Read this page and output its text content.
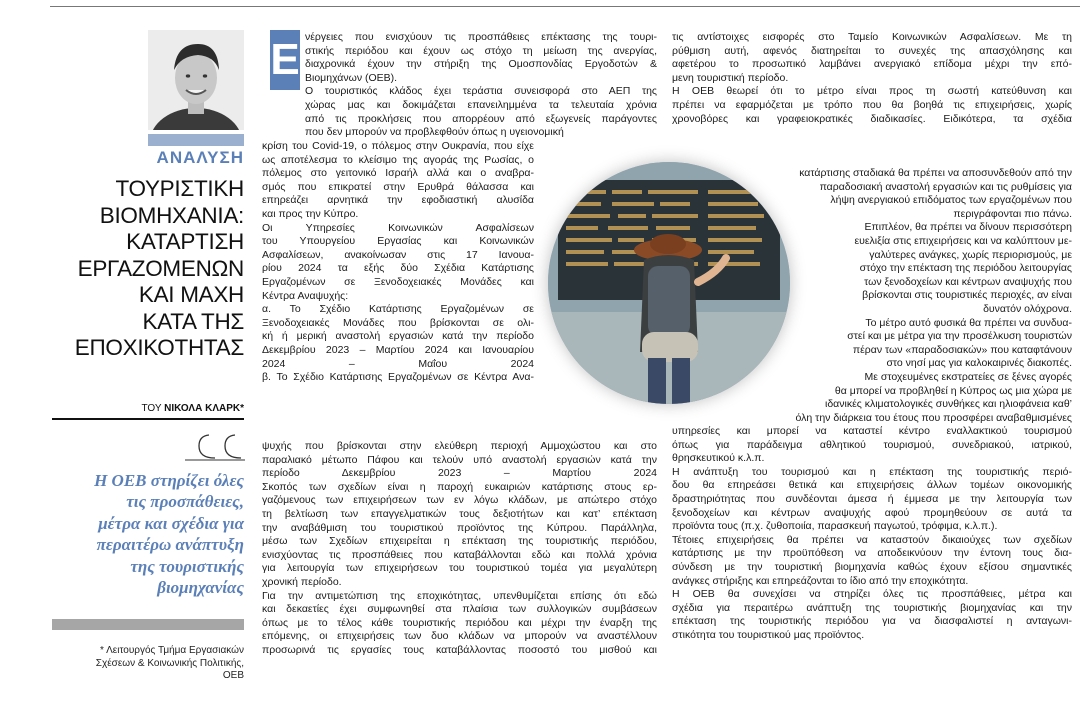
ΑΝΑΛΥΣΗ
ΤΟΥΡΙΣΤΙΚΗ
ΒΙΟΜΗΧΑΝΙΑ:
ΚΑΤΑΡΤΙΣΗ
ΕΡΓΑΖΟΜΕΝΩΝ
ΚΑΙ ΜΑΧΗ
ΚΑΤΑ ΤΗΣ
ΕΠΟΧΙΚΟΤΗΤΑΣ
ΤΟΥ ΝΙΚΟΛΑ ΚΛΑΡΚ*
Η ΟΕΒ στηρίζει όλες
τις προσπάθειες,
μέτρα και σχέδια για
περαιτέρω ανάπτυξη
της τουριστικής
βιομηχανίας
* Λειτουργός Τμήμα Εργασιακών
Σχέσεων & Κοινωνικής Πολιτικής,
ΟΕΒ
Ε νέργειες που ενισχύουν τις προσπάθειες επέκτασης της τουρι-
στικής περιόδου και έχουν ως στόχο τη μείωση της ανεργίας,
διαχρονικά έχουν την στήριξη της Ομοσπονδίας Εργοδοτών &
Βιομηχάνων (ΟΕΒ).
Ο τουριστικός κλάδος έχει τεράστια συνεισφορά στο ΑΕΠ της
χώρας μας και δοκιμάζεται επανειλημμένα τα τελευταία χρόνια
από τις προκλήσεις που απορρέουν από εξωγενείς παράγοντες
που δεν μπορούν να προβλεφθούν όπως η υγειονομική
κρίση του Covid-19, ο πόλεμος στην Ουκρανία, που είχε
ως αποτέλεσμα το κλείσιμο της αγοράς της Ρωσίας, ο
πόλεμος στο γειτονικό Ισραήλ αλλά και ο αναβρα-
σμός που επικρατεί στην Ερυθρά θάλασσα και
επηρεάζει αρνητικά την εφοδιαστική αλυσίδα
και προς την Κύπρο.
Οι Υπηρεσίες Κοινωνικών Ασφαλίσεων
του Υπουργείου Εργασίας και Κοινωνικών
Ασφαλίσεων, ανακοίνωσαν στις 17 Ιανουα-
ρίου 2024 τα εξής δύο Σχέδια Κατάρτισης
Εργαζομένων σε Ξενοδοχειακές Μονάδες και
Κέντρα Αναψυχής:
α. Το Σχέδιο Κατάρτισης Εργαζομένων σε
Ξενοδοχειακές Μονάδες που βρίσκονται σε ολι-
κή ή μερική αναστολή εργασιών κατά την περίοδο
Δεκεμβρίου 2023 – Μαρτίου 2024 και Ιανουαρίου
2024 – Μαΐου 2024
β. Το Σχέδιο Κατάρτισης Εργαζομένων σε Κέντρα Ανα-
ψυχής που βρίσκονται στην ελεύθερη περιοχή Αμμοχώστου και στο
παραλιακό μέτωπο Πάφου και τελούν υπό αναστολή εργασιών κατά την
περίοδο Δεκεμβρίου 2023 – Μαρτίου 2024
Σκοπός των σχεδίων είναι η παροχή ευκαιριών κατάρτισης στους ερ-
γαζόμενους των επιχειρήσεων των εν λόγω κλάδων, με απώτερο στόχο
τη βελτίωση των επαγγελματικών τους δεξιοτήτων και κατ’ επέκταση
την αναβάθμιση του τουριστικού προϊόντος της Κύπρου. Παράλληλα,
μέσω των Σχεδίων επιχειρείται η επέκταση της τουριστικής περιόδου,
ενισχύοντας τις προσπάθειες που καταβάλλονται εδώ και πολλά χρόνια
για λειτουργία των επιχειρήσεων του τουριστικού τομέα για μεγαλύτερη
χρονική περίοδο.
Για την αντιμετώπιση της εποχικότητας, υπενθυμίζεται επίσης ότι εδώ
και δεκαετίες έχει συμφωνηθεί στα πλαίσια των συλλογικών συμβάσεων
όπως με το τέλος κάθε τουριστικής περιόδου και μέχρι την έναρξη της
επόμενης, οι επιχειρήσεις των δυο κλάδων να μπορούν να αναστέλλουν
προσωρινά τις εργασίες τους καταβάλλοντας ποσοστό του μισθού και
τις αντίστοιχες εισφορές στο Ταμείο Κοινωνικών Ασφαλίσεων. Με τη
ρύθμιση αυτή, αφενός διατηρείται το συνεχές της απασχόλησης και
αφετέρου το προσωπικό λαμβάνει ανεργιακό επίδομα μέχρι την επό-
μενη τουριστική περίοδο.
Η ΟΕΒ θεωρεί ότι το μέτρο είναι προς τη σωστή κατεύθυνση και
πρέπει να εφαρμόζεται με τρόπο που θα βοηθά τις επιχειρήσεις, χωρίς
χρονοβόρες και γραφειοκρατικές διαδικασίες. Ειδικότερα, τα σχέδια
κατάρτισης σταδιακά θα πρέπει να αποσυνδεθούν από την
παραδοσιακή αναστολή εργασιών και τις ρυθμίσεις για
λήψη ανεργιακού επιδόματος των εργαζομένων που
περιγράφονται πιο πάνω.
Επιπλέον, θα πρέπει να δίνουν περισσότερη
ευελιξία στις επιχειρήσεις και να καλύπτουν με-
γαλύτερες ανάγκες, χωρίς περιορισμούς, με
στόχο την επέκταση της περιόδου λειτουργίας
των ξενοδοχείων και κέντρων αναψυχής που
βρίσκονται στις τουριστικές περιοχές, αν είναι
δυνατόν ολόχρονα.
Το μέτρο αυτό φυσικά θα πρέπει να συνδυα-
στεί και με μέτρα για την προσέλκυση τουριστών
πέραν των «παραδοσιακών» που καταφτάνουν
στο νησί μας για καλοκαιρινές διακοπές.
Με στοχευμένες εκστρατείες σε ξένες αγορές
θα μπορεί να προβληθεί η Κύπρος ως μια χώρα με
ιδανικές κλιματολογικές συνθήκες και ηλιοφάνεια καθ’
όλη την διάρκεια του έτους που προσφέρει αναβαθμισμένες
υπηρεσίες και μπορεί να καταστεί κέντρο εναλλακτικού τουρισμού
όπως για παράδειγμα αθλητικού τουρισμού, συνεδριακού, ιατρικού,
θρησκευτικού κ.λ.π.
Η ανάπτυξη του τουρισμού και η επέκταση της τουριστικής περιό-
δου θα επηρεάσει θετικά και επιχειρήσεις άλλων τομέων οικονομικής
δραστηριότητας που συνδέονται άμεσα ή έμμεσα με την λειτουργία των
ξενοδοχείων και κέντρων αναψυχής αφού προμηθεύουν σε αυτά τα
προϊόντα τους (π.χ. ζυθοποιία, παρασκευή παγωτού, τρόφιμα, κ.λ.π.).
Τέτοιες επιχειρήσεις θα πρέπει να καταστούν δικαιούχες των σχεδίων
κατάρτισης με την προϋπόθεση να αποδεικνύουν την έντονη τους δια-
σύνδεση με την τουριστική βιομηχανία καθώς έχουν εξίσου σημαντικές
ανάγκες στήριξης και επηρεάζονται το ίδιο από την εποχικότητα.
Η ΟΕΒ θα συνεχίσει να στηρίζει όλες τις προσπάθειες, μέτρα και
σχέδια για περαιτέρω ανάπτυξη της τουριστικής βιομηχανίας και την
επέκταση της τουριστικής περιόδου για να διασφαλιστεί η ανταγωνι-
στικότητα του τουριστικού μας προϊόντος.
